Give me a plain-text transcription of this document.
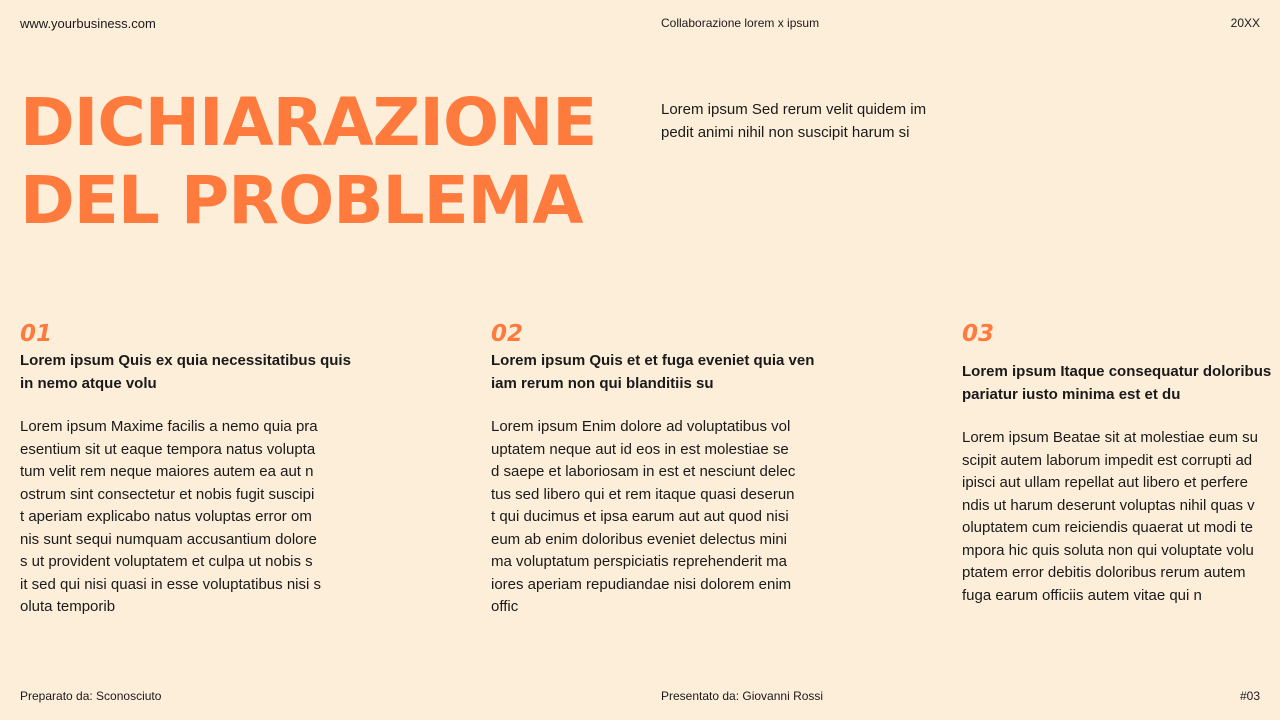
www.yourbusiness.com	Collaborazione lorem x ipsum	20XX
DICHIARAZIONE
DEL PROBLEMA
Lorem ipsum Sed rerum velit quidem im
pedit animi nihil non suscipit harum si
01
Lorem ipsum Quis ex quia necessitatibus quis
in nemo atque volu
Lorem ipsum Maxime facilis a nemo quia pra
esentium sit ut eaque tempora natus volupta
tum velit rem neque maiores autem ea aut n
ostrum sint consectetur et nobis fugit suscipi
t aperiam explicabo natus voluptas error om
nis sunt sequi numquam accusantium dolore
s ut provident voluptatem et culpa ut nobis s
it sed qui nisi quasi in esse voluptatibus nisi s
oluta temporib
02
Lorem ipsum Quis et et fuga eveniet quia ven
iam rerum non qui blanditiis su
Lorem ipsum Enim dolore ad voluptatibus vol
uptatem neque aut id eos in est molestiae se
d saepe et laboriosam in est et nesciunt delec
tus sed libero qui et rem itaque quasi deserun
t qui ducimus et ipsa earum aut aut quod nisi
eum ab enim doloribus eveniet delectus mini
ma voluptatum perspiciatis reprehenderit ma
iores aperiam repudiandae nisi dolorem enim
offic
03
Lorem ipsum Itaque consequatur doloribus
pariatur iusto minima est et du
Lorem ipsum Beatae sit at molestiae eum su
scipit autem laborum impedit est corrupti ad
ipisci aut ullam repellat aut libero et perfere
ndis ut harum deserunt voluptas nihil quas v
oluptatem cum reiciendis quaerat ut modi te
mpora hic quis soluta non qui voluptate volu
ptatem error debitis doloribus rerum autem
fuga earum officiis autem vitae qui n
Preparato da: Sconosciuto	Presentato da: Giovanni Rossi	#03
